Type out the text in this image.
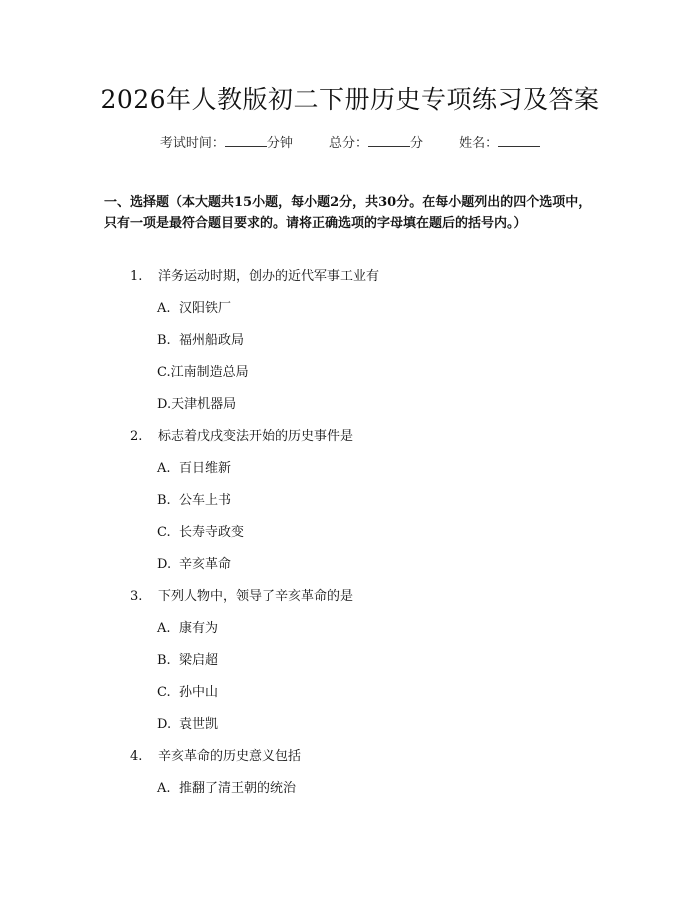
2026年人教版初二下册历史专项练习及答案
考试时间：	分钟	总分：	分	姓名：
一、选择题（本大题共15小题，每小题2分，共30分。在每小题列出的四个选项中，只有一项是最符合题目要求的。请将正确选项的字母填在题后的括号内。）
1. 洋务运动时期，创办的近代军事工业有
A. 汉阳铁厂
B. 福州船政局
C.江南制造总局
D.天津机器局
2. 标志着戊戌变法开始的历史事件是
A. 百日维新
B. 公车上书
C. 长寿寺政变
D. 辛亥革命
3. 下列人物中，领导了辛亥革命的是
A. 康有为
B. 梁启超
C. 孙中山
D. 袁世凯
4. 辛亥革命的历史意义包括
A. 推翻了清王朝的统治
